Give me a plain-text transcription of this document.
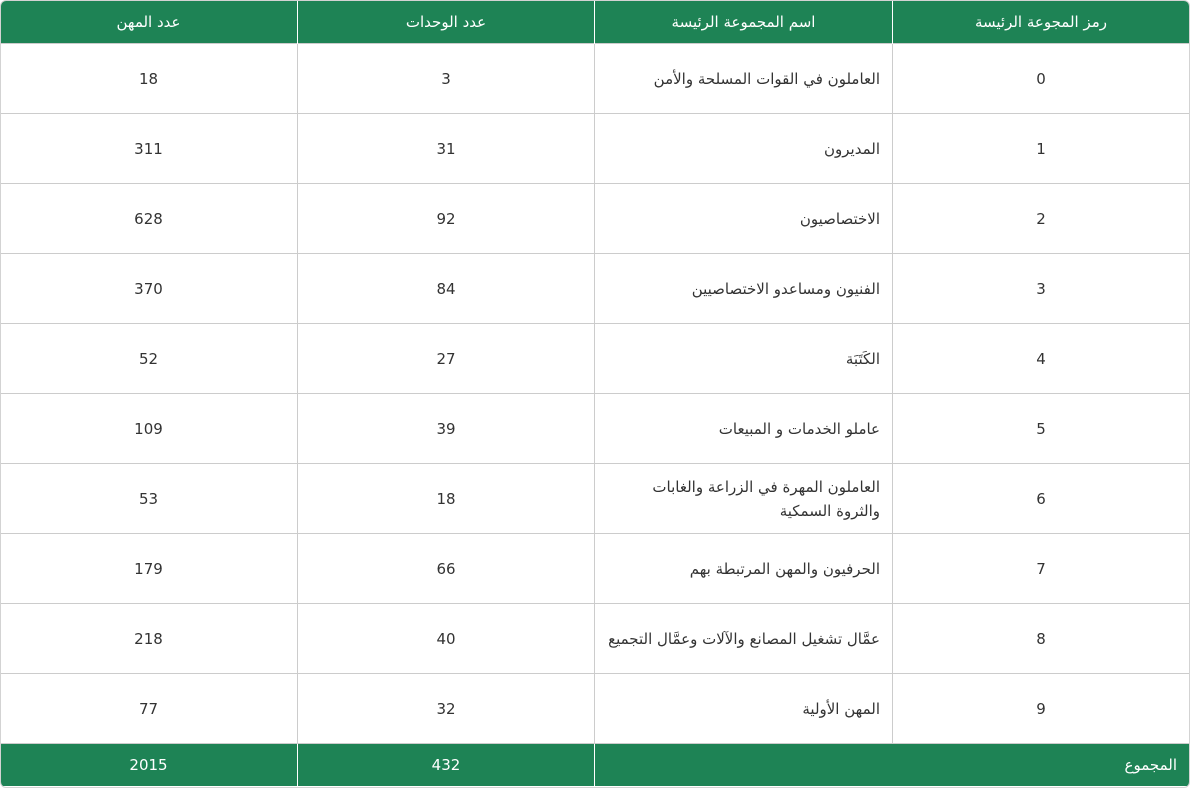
رمز المجوعة الرئيسة	اسم المجموعة الرئيسة	عدد الوحدات	عدد المهن
0	العاملون في القوات المسلحة والأمن	3	18
1	المديرون	31	311
2	الاختصاصيون	92	628
3	الفنيون ومساعدو الاختصاصيين	84	370
4	الكَتَبَة	27	52
5	عاملو الخدمات و المبيعات	39	109
6	العاملون المهرة في الزراعة والغابات والثروة السمكية	18	53
7	الحرفيون والمهن المرتبطة بهم	66	179
8	عمَّال تشغيل المصانع والآلات وعمَّال التجميع	40	218
9	المهن الأولية	32	77
المجموع		432	2015
